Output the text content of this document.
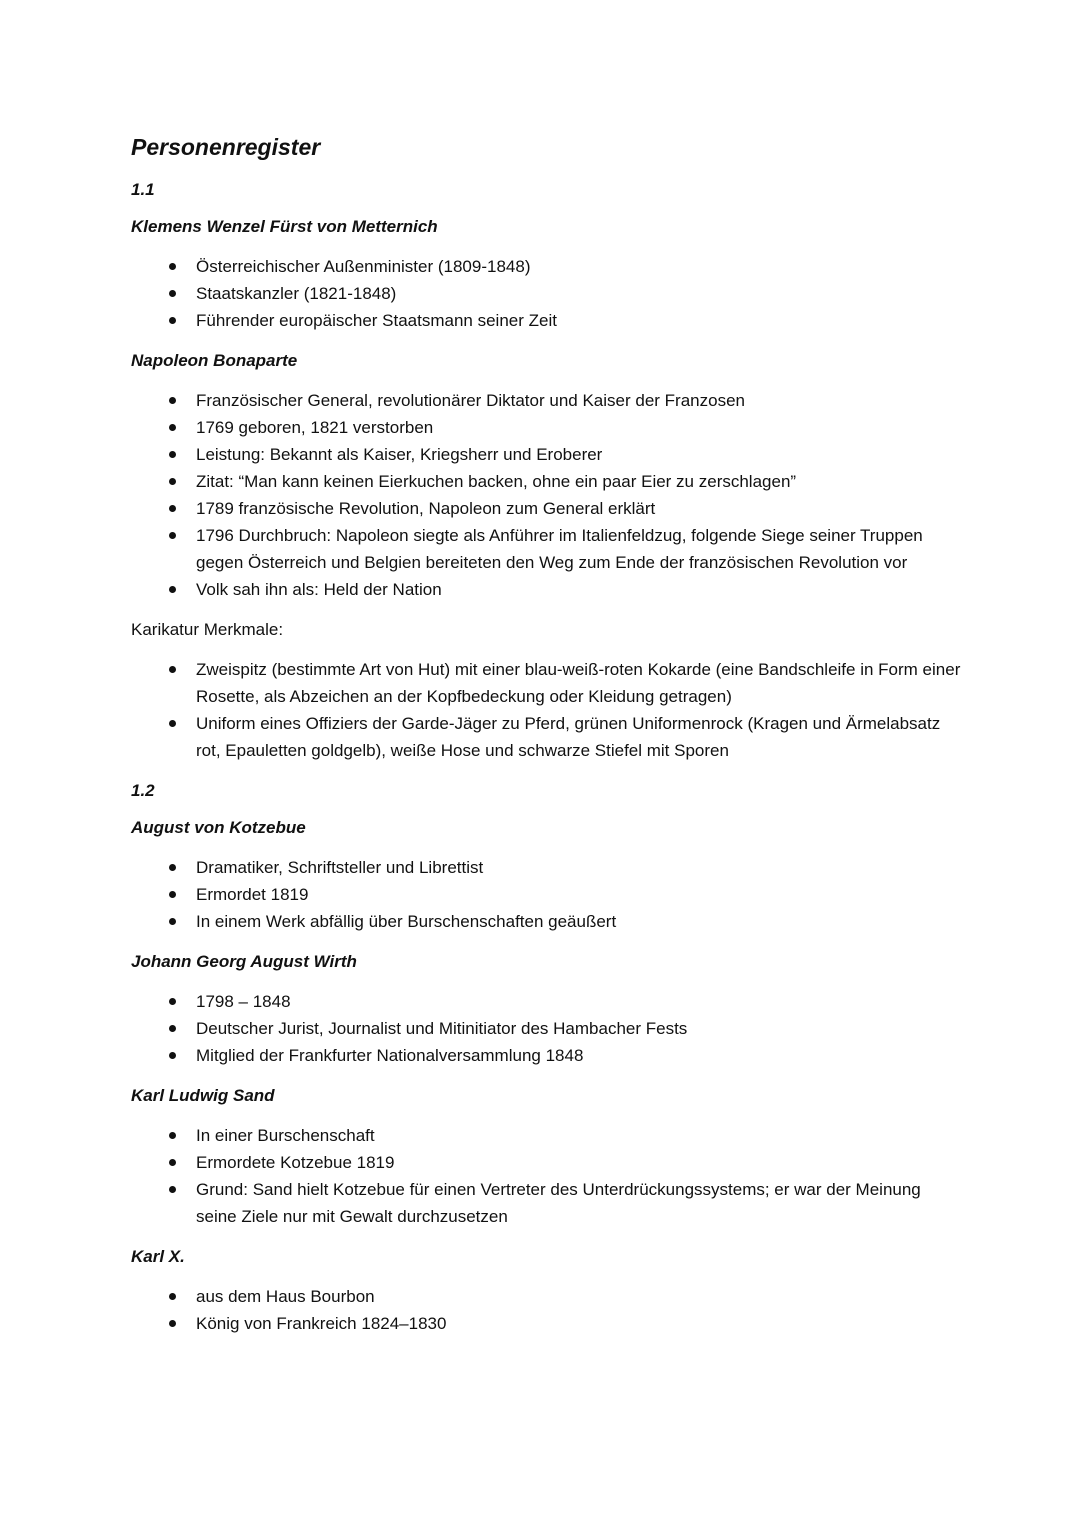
Personenregister
1.1
Klemens Wenzel Fürst von Metternich
Österreichischer Außenminister (1809-1848)
Staatskanzler (1821-1848)
Führender europäischer Staatsmann seiner Zeit
Napoleon Bonaparte
Französischer General, revolutionärer Diktator und Kaiser der Franzosen
1769 geboren, 1821 verstorben
Leistung: Bekannt als Kaiser, Kriegsherr und Eroberer
Zitat: “Man kann keinen Eierkuchen backen, ohne ein paar Eier zu zerschlagen”
1789 französische Revolution, Napoleon zum General erklärt
1796 Durchbruch: Napoleon siegte als Anführer im Italienfeldzug, folgende Siege seiner Truppen gegen Österreich und Belgien bereiteten den Weg zum Ende der französischen Revolution vor
Volk sah ihn als: Held der Nation
Karikatur Merkmale:
Zweispitz (bestimmte Art von Hut) mit einer blau-weiß-roten Kokarde (eine Bandschleife in Form einer Rosette, als Abzeichen an der Kopfbedeckung oder Kleidung getragen)
Uniform eines Offiziers der Garde-Jäger zu Pferd, grünen Uniformenrock (Kragen und Ärmelabsatz rot, Epauletten goldgelb), weiße Hose und schwarze Stiefel mit Sporen
1.2
August von Kotzebue
Dramatiker, Schriftsteller und Librettist
Ermordet 1819
In einem Werk abfällig über Burschenschaften geäußert
Johann Georg August Wirth
1798 – 1848
Deutscher Jurist, Journalist und Mitinitiator des Hambacher Fests
Mitglied der Frankfurter Nationalversammlung 1848
Karl Ludwig Sand
In einer Burschenschaft
Ermordete Kotzebue 1819
Grund: Sand hielt Kotzebue für einen Vertreter des Unterdrückungssystems; er war der Meinung seine Ziele nur mit Gewalt durchzusetzen
Karl X.
aus dem Haus Bourbon
König von Frankreich 1824–1830
